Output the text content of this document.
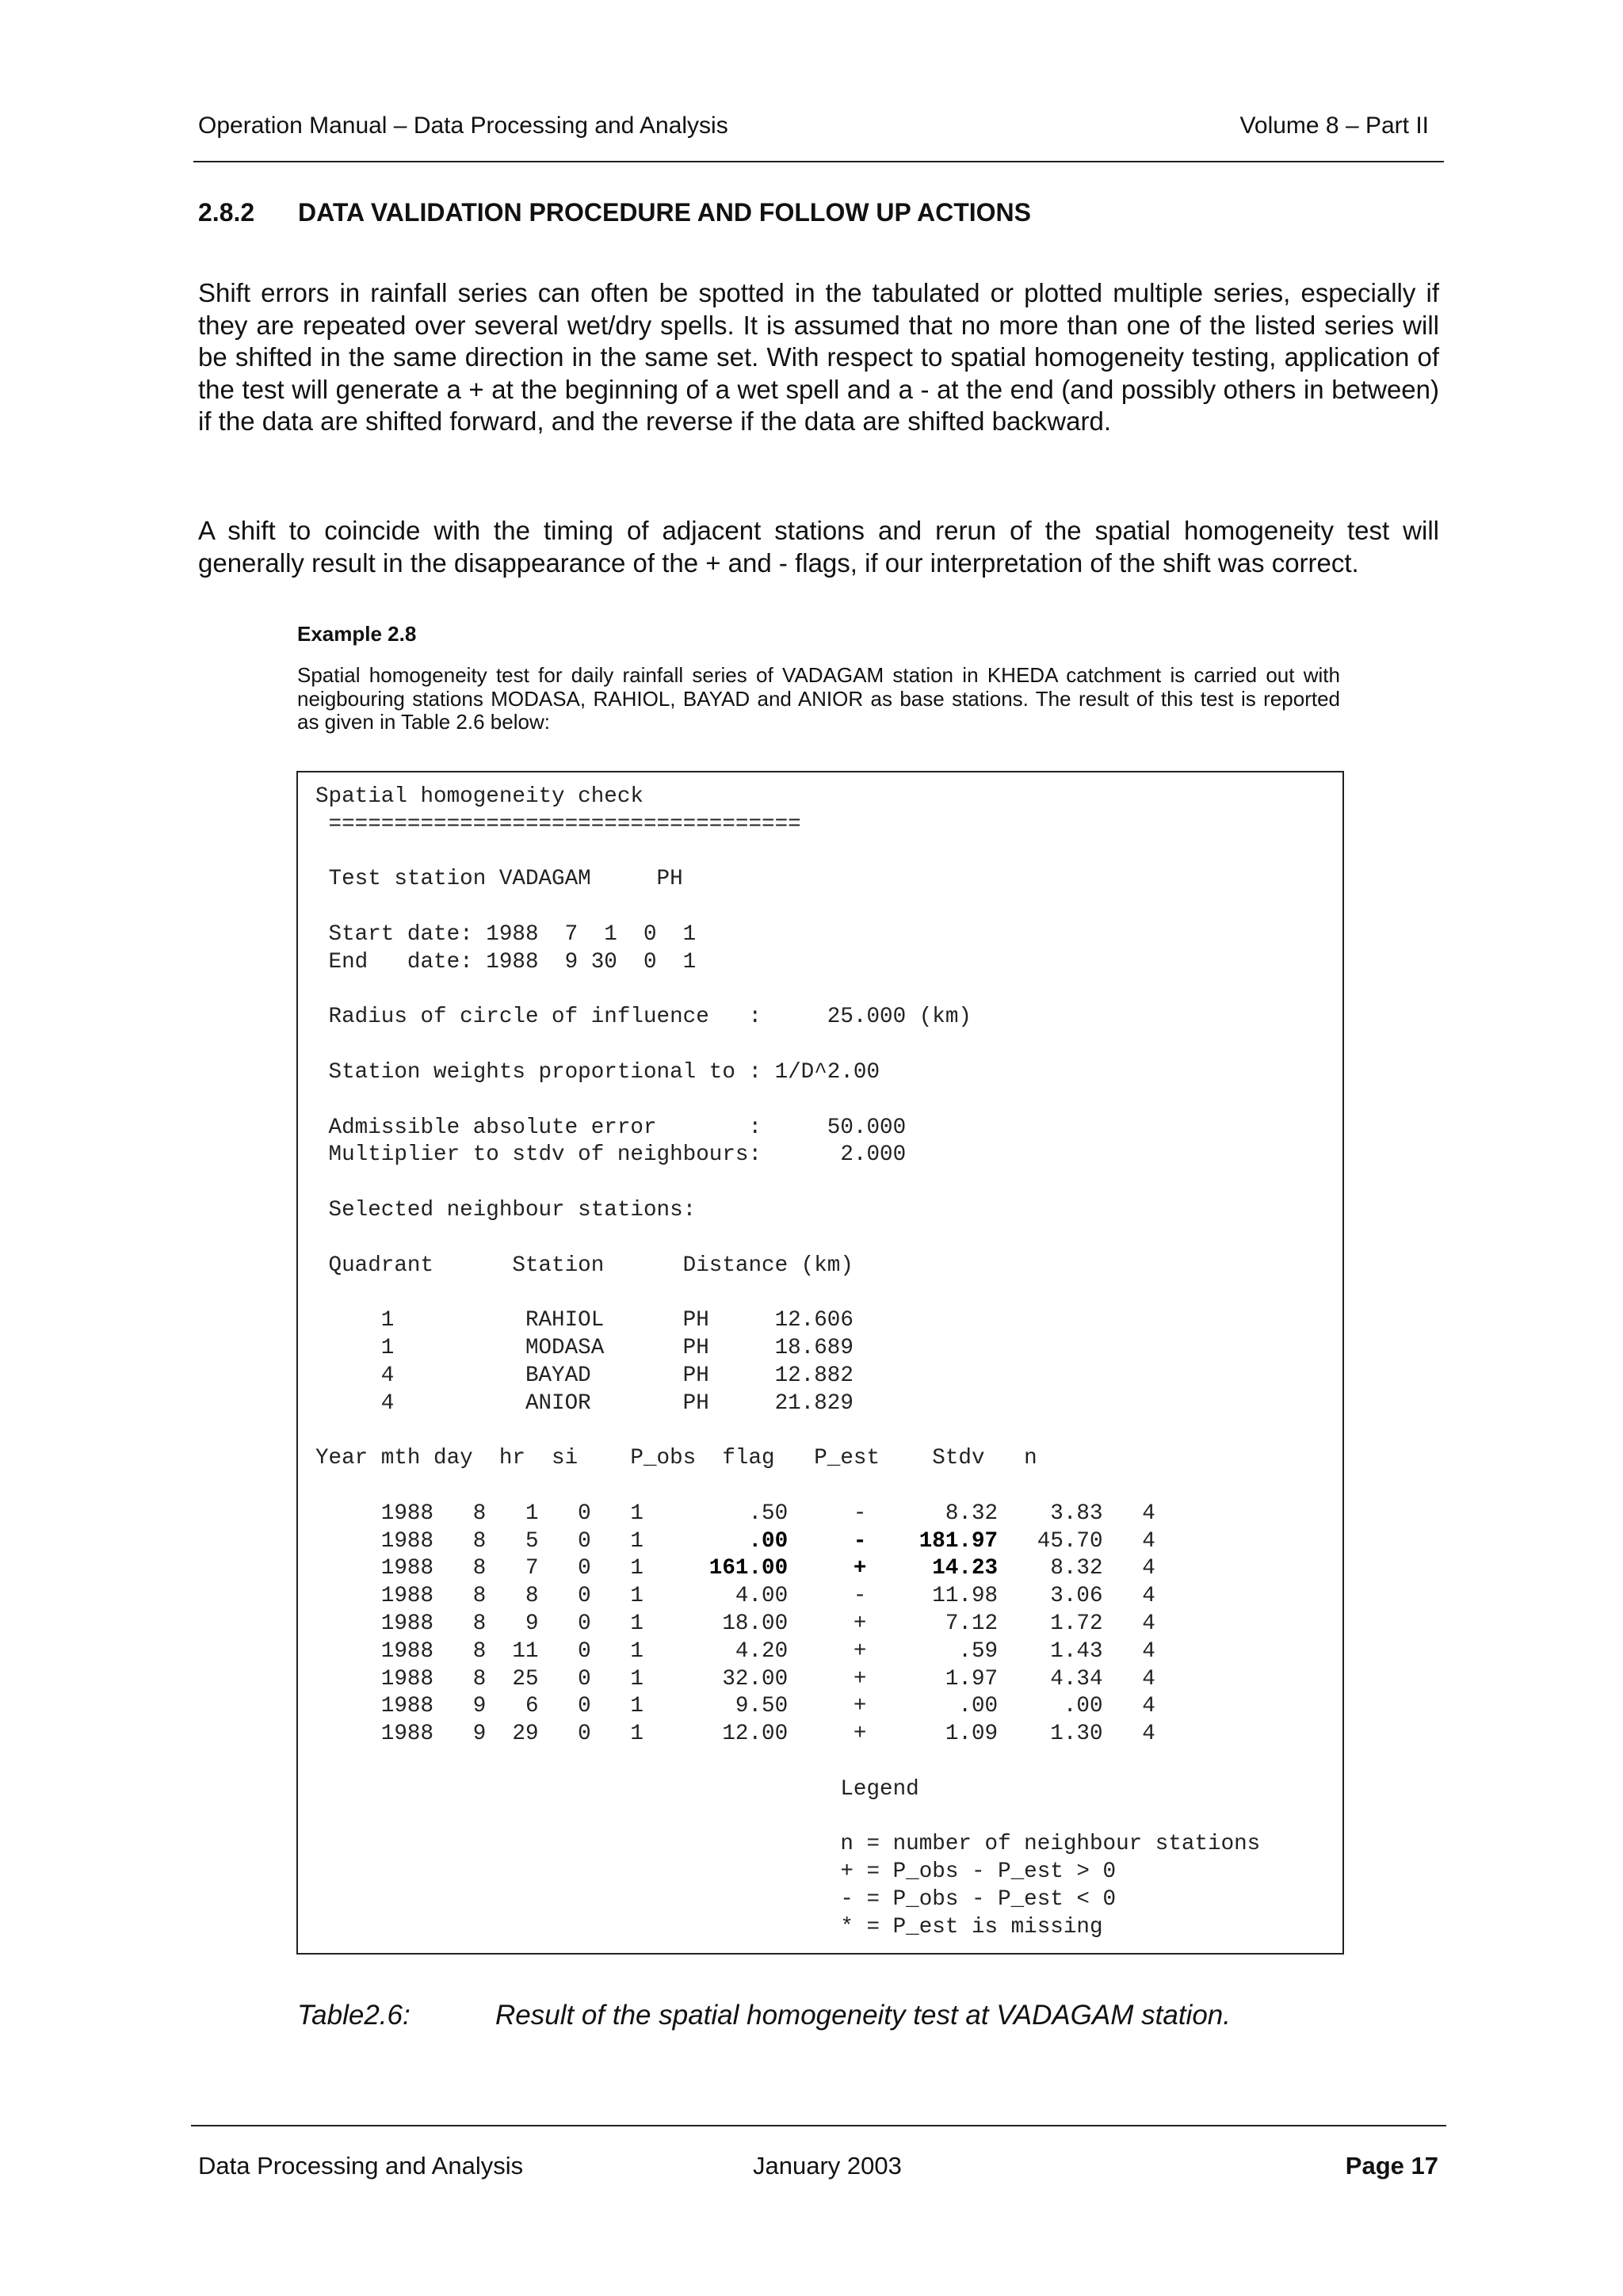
Operation Manual – Data Processing and Analysis	Volume 8 – Part II
2.8.2	DATA VALIDATION PROCEDURE AND FOLLOW UP ACTIONS
Shift errors in rainfall series can often be spotted in the tabulated or plotted multiple series, especially if they are repeated over several wet/dry spells. It is assumed that no more than one of the listed series will be shifted in the same direction in the same set. With respect to spatial homogeneity testing, application of the test will generate a + at the beginning of a wet spell and a - at the end (and possibly others in between) if the data are shifted forward, and the reverse if the data are shifted backward.
A shift to coincide with the timing of adjacent stations and rerun of the spatial homogeneity test will generally result in the disappearance of the + and - flags, if our interpretation of the shift was correct.
Example 2.8
Spatial homogeneity test for daily rainfall series of VADAGAM station in KHEDA catchment is carried out with neigbouring stations MODASA, RAHIOL, BAYAD and ANIOR as base stations. The result of this test is reported as given in Table 2.6 below:
Spatial homogeneity check
====================================

Test station VADAGAM     PH

Start date: 1988  7  1  0  1
End   date: 1988  9 30  0  1

Radius of circle of influence   :     25.000 (km)

Station weights proportional to : 1/D^2.00

Admissible absolute error       :     50.000
Multiplier to stdv of neighbours:      2.000

Selected neighbour stations:

Quadrant      Station      Distance (km)

1          RAHIOL      PH     12.606
1          MODASA      PH     18.689
4          BAYAD       PH     12.882
4          ANIOR       PH     21.829

Year mth day  hr  si    P_obs  flag   P_est    Stdv   n

1988   8   1   0   1        .50     -      8.32    3.83   4
1988   8   5   0   1        .00     -    181.97   45.70   4
1988   8   7   0   1     161.00     +     14.23    8.32   4
1988   8   8   0   1       4.00     -     11.98    3.06   4
1988   8   9   0   1      18.00     +      7.12    1.72   4
1988   8  11   0   1       4.20     +       .59    1.43   4
1988   8  25   0   1      32.00     +      1.97    4.34   4
1988   9   6   0   1       9.50     +       .00     .00   4
1988   9  29   0   1      12.00     +      1.09    1.30   4

Legend

n = number of neighbour stations
+ = P_obs - P_est > 0
- = P_obs - P_est < 0
* = P_est is missing
Table2.6:	Result of the spatial homogeneity test at VADAGAM station.
Data Processing and Analysis	January 2003	Page 17
